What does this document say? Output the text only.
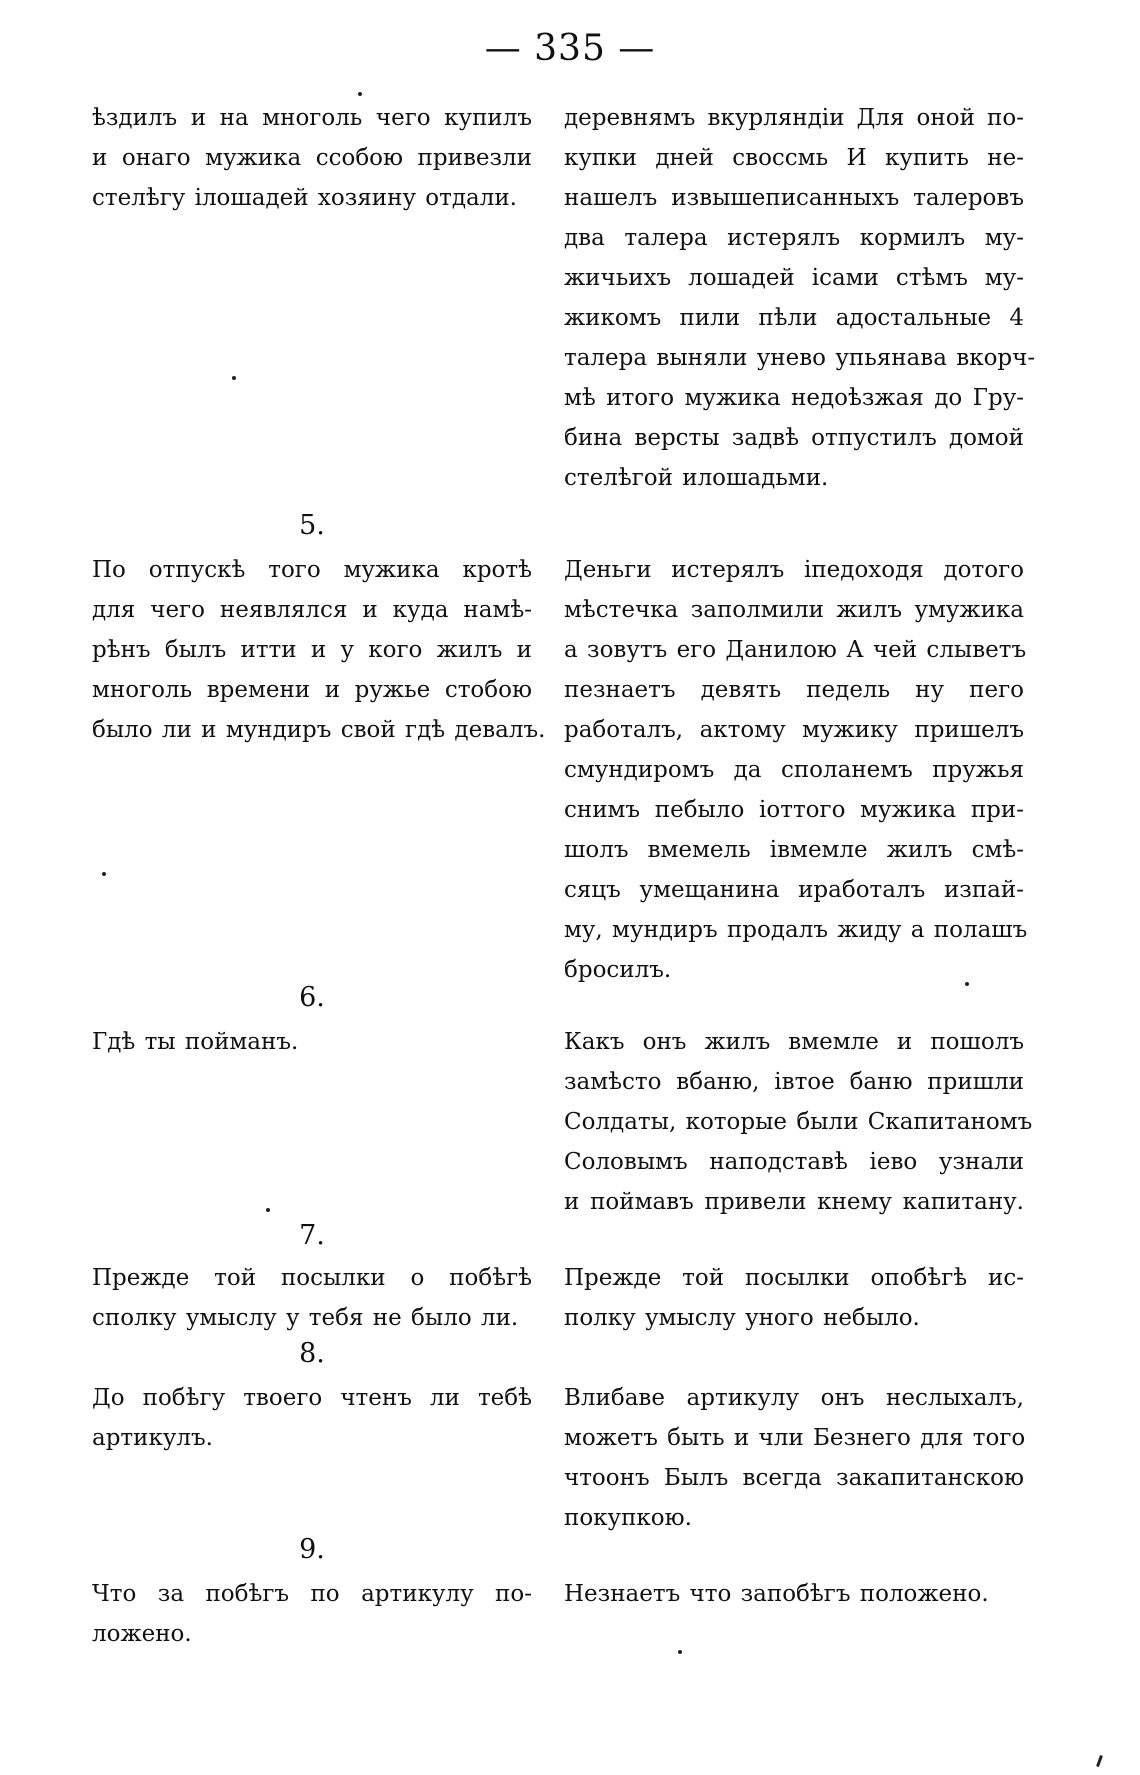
— 335 —
ѣздилъ и на многоль чего купилъ
и онаго мужика ссобою привезли
стелѣгу ілошадей хозяину отдали.
деревнямъ вкурляндіи Для оной по-
купки дней своссмь И купить не-
нашелъ извышеписанныхъ талеровъ
два талера истерялъ кормилъ му-
жичьихъ лошадей ісами стѣмъ му-
жикомъ пили пѣли адостальные 4
талера выняли унево упьянава вкорч-
мѣ итого мужика недоѣзжая до Гру-
бина версты задвѣ отпустилъ домой
стелѣгой илошадьми.
5.
По отпускѣ того мужика кротѣ
для чего неявлялся и куда намѣ-
рѣнъ былъ итти и у кого жилъ и
многоль времени и ружье стобою
было ли и мундиръ свой гдѣ девалъ.
Деньги истерялъ іпедоходя дотого
мѣстечка заполмили жилъ умужика
а зовутъ его Данилою А чей слыветъ
пезнаетъ девять педель ну пего
работалъ, актому мужику пришелъ
смундиромъ да споланемъ пружья
снимъ пебыло іоттого мужика при-
шолъ вмемель івмемле жилъ смѣ-
сяцъ умещанина иработалъ изпай-
му, мундиръ продалъ жиду а полашъ
бросилъ.
6.
Гдѣ ты пойманъ.	Какъ онъ жилъ вмемле и пошолъ
замѣсто вбаню, івтое баню пришли
Солдаты, которые были Скапитаномъ
Соловымъ наподставѣ іево узнали
и поймавъ привели кнему капитану.
7.
Прежде той посылки о побѣгѣ
сполку умыслу у тебя не было ли.
Прежде той посылки опобѣгѣ ис-
полку умыслу уного небыло.
8.
До побѣгу твоего чтенъ ли тебѣ
артикулъ.
Влибаве артикулу онъ неслыхалъ,
можетъ быть и чли Безнего для того
чтоонъ Былъ всегда закапитанскою
покупкою.
9.
Что за побѣгъ по артикулу по-
ложено.
Незнаетъ что запобѣгъ положено.
